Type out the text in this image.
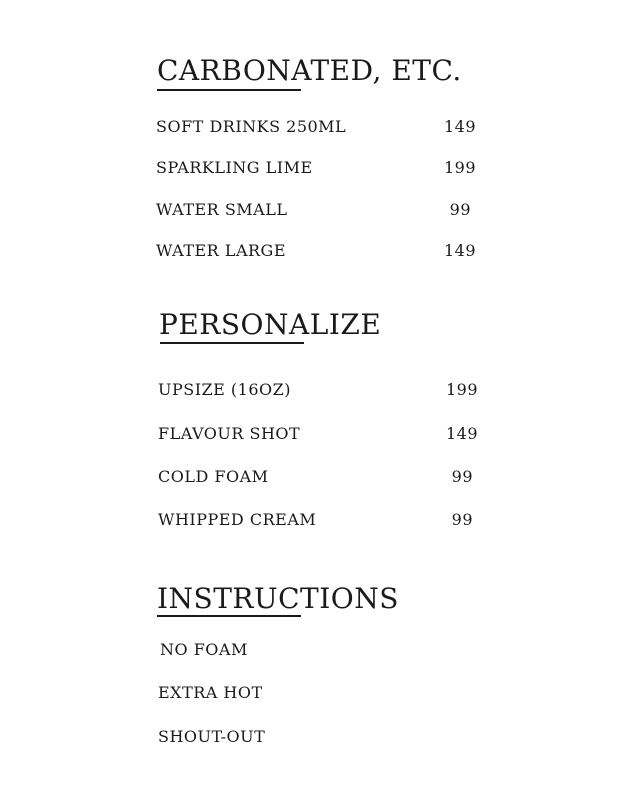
CARBONATED, ETC.
SOFT DRINKS 250ML	149
SPARKLING LIME	199
WATER SMALL	99
WATER LARGE	149
PERSONALIZE
UPSIZE (16OZ)	199
FLAVOUR SHOT	149
COLD FOAM	99
WHIPPED CREAM	99
INSTRUCTIONS
NO FOAM
EXTRA HOT
SHOUT-OUT
